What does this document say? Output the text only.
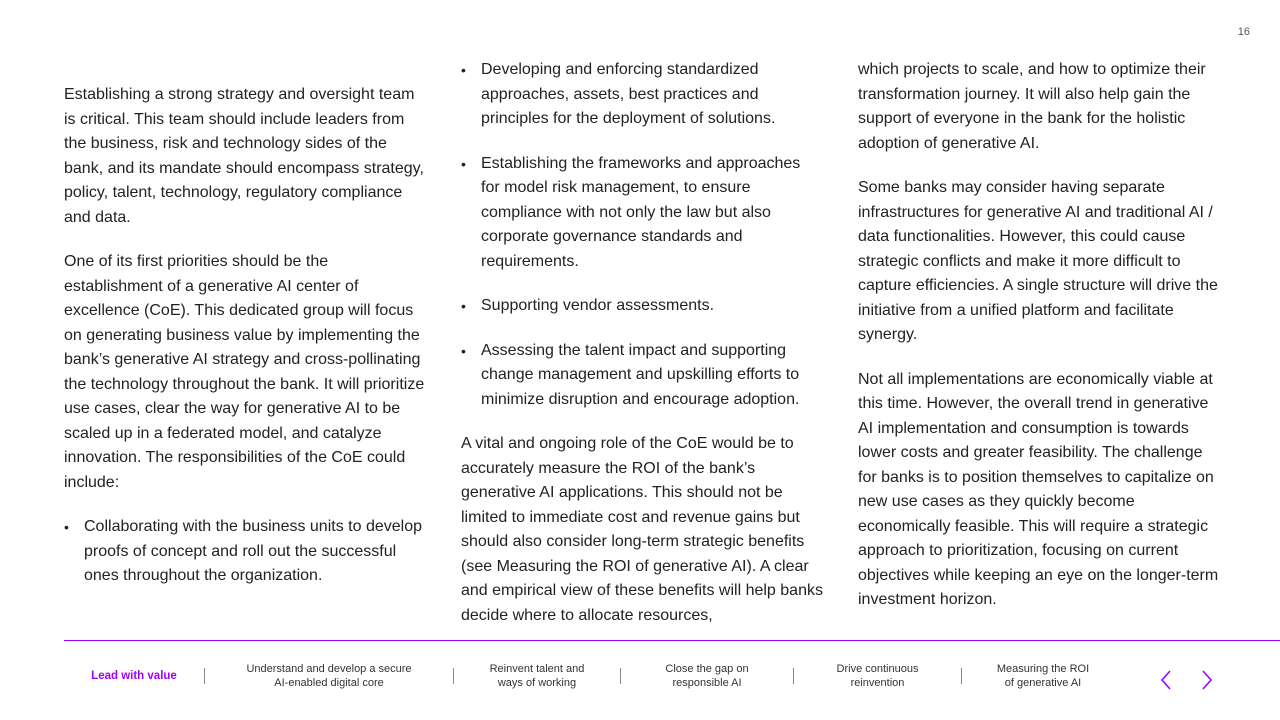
16

Establishing a strong strategy and oversight team is critical. This team should include leaders from the business, risk and technology sides of the bank, and its mandate should encompass strategy, policy, talent, technology, regulatory compliance and data.

One of its first priorities should be the establishment of a generative AI center of excellence (CoE). This dedicated group will focus on generating business value by implementing the bank’s generative AI strategy and cross-pollinating the technology throughout the bank. It will prioritize use cases, clear the way for generative AI to be scaled up in a federated model, and catalyze innovation. The responsibilities of the CoE could include:

• Collaborating with the business units to develop proofs of concept and roll out the successful ones throughout the organization.
• Developing and enforcing standardized approaches, assets, best practices and principles for the deployment of solutions.
• Establishing the frameworks and approaches for model risk management, to ensure compliance with not only the law but also corporate governance standards and requirements.
• Supporting vendor assessments.
• Assessing the talent impact and supporting change management and upskilling efforts to minimize disruption and encourage adoption.

A vital and ongoing role of the CoE would be to accurately measure the ROI of the bank’s generative AI applications. This should not be limited to immediate cost and revenue gains but should also consider long-term strategic benefits (see Measuring the ROI of generative AI). A clear and empirical view of these benefits will help banks decide where to allocate resources,

which projects to scale, and how to optimize their transformation journey. It will also help gain the support of everyone in the bank for the holistic adoption of generative AI.

Some banks may consider having separate infrastructures for generative AI and traditional AI / data functionalities. However, this could cause strategic conflicts and make it more difficult to capture efficiencies. A single structure will drive the initiative from a unified platform and facilitate synergy.

Not all implementations are economically viable at this time. However, the overall trend in generative AI implementation and consumption is towards lower costs and greater feasibility. The challenge for banks is to position themselves to capitalize on new use cases as they quickly become economically feasible. This will require a strategic approach to prioritization, focusing on current objectives while keeping an eye on the longer-term investment horizon.

Lead with value
Understand and develop a secure
AI-enabled digital core
Reinvent talent and
ways of working
Close the gap on
responsible AI
Drive continuous
reinvention
Measuring the ROI
of generative AI
